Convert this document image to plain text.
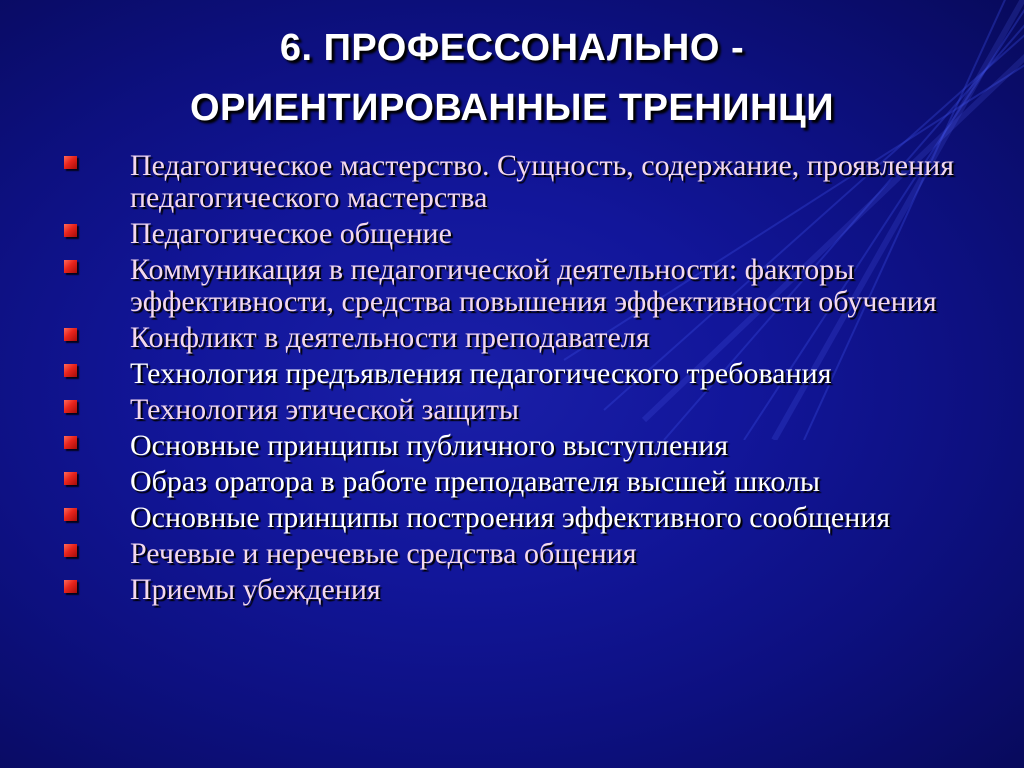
6. ПРОФЕССОНАЛЬНО -
ОРИЕНТИРОВАННЫЕ ТРЕНИНЦИ
Педагогическое мастерство. Сущность, содержание, проявления педагогического мастерства
Педагогическое общение
Коммуникация в педагогической деятельности: факторы эффективности, средства повышения эффективности обучения
Конфликт в деятельности преподавателя
Технология предъявления педагогического требования
Технология этической защиты
Основные принципы публичного выступления
Образ оратора в работе преподавателя высшей школы
Основные принципы построения эффективного сообщения
Речевые и неречевые средства общения
Приемы убеждения
